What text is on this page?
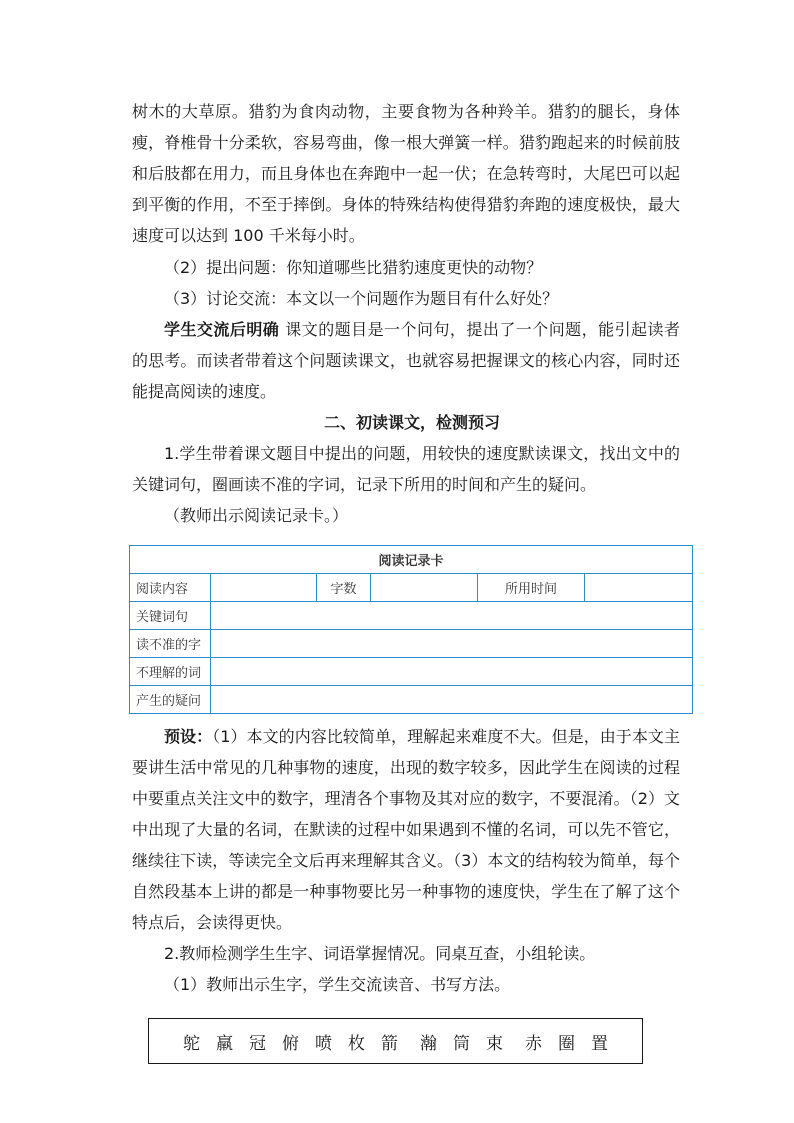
树木的大草原。猎豹为食肉动物，主要食物为各种羚羊。猎豹的腿长，身体瘦，脊椎骨十分柔软，容易弯曲，像一根大弹簧一样。猎豹跑起来的时候前肢和后肢都在用力，而且身体也在奔跑中一起一伏；在急转弯时，大尾巴可以起到平衡的作用，不至于摔倒。身体的特殊结构使得猎豹奔跑的速度极快，最大速度可以达到 100 千米每小时。

（2）提出问题：你知道哪些比猎豹速度更快的动物？

（3）讨论交流：本文以一个问题作为题目有什么好处？

学生交流后明确 课文的题目是一个问句，提出了一个问题，能引起读者的思考。而读者带着这个问题读课文，也就容易把握课文的核心内容，同时还能提高阅读的速度。

二、初读课文，检测预习

1.学生带着课文题目中提出的问题，用较快的速度默读课文，找出文中的关键词句，圈画读不准的字词，记录下所用的时间和产生的疑问。

（教师出示阅读记录卡。）

阅读记录卡					
阅读内容		字数		所用时间	
关键词句					
读不准的字					
不理解的词					
产生的疑问					

预设：（1）本文的内容比较简单，理解起来难度不大。但是，由于本文主要讲生活中常见的几种事物的速度，出现的数字较多，因此学生在阅读的过程中要重点关注文中的数字，理清各个事物及其对应的数字，不要混淆。（2）文中出现了大量的名词，在默读的过程中如果遇到不懂的名词，可以先不管它，继续往下读，等读完全文后再来理解其含义。（3）本文的结构较为简单，每个自然段基本上讲的都是一种事物要比另一种事物的速度快，学生在了解了这个特点后，会读得更快。

2.教师检测学生生字、词语掌握情况。同桌互查，小组轮读。

（1）教师出示生字，学生交流读音、书写方法。

鸵 羸 冠 俯 喷 枚 箭 瀚 筒 束 赤 圈 置
